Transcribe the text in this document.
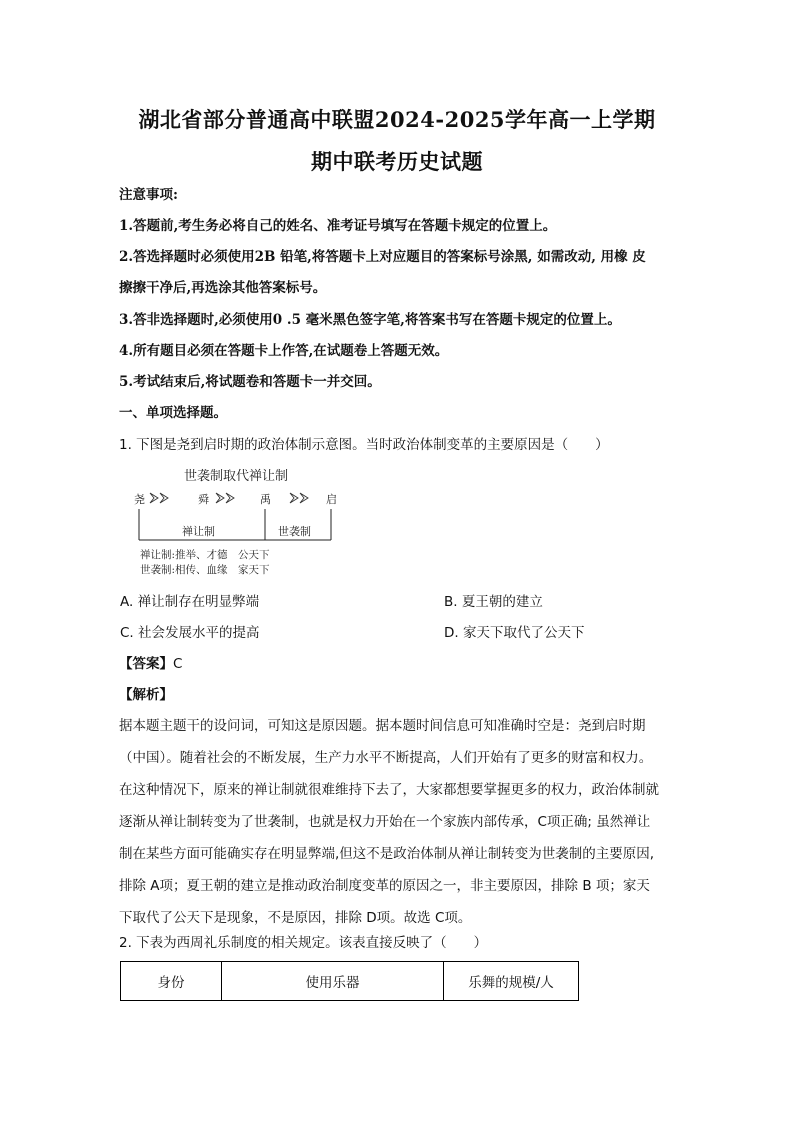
湖北省部分普通高中联盟2024-2025学年高一上学期
期中联考历史试题
注意事项:
1.答题前,考生务必将自己的姓名、准考证号填写在答题卡规定的位置上。
2.答选择题时必须使用2B 铅笔,将答题卡上对应题目的答案标号涂黑, 如需改动, 用橡 皮
擦擦干净后,再选涂其他答案标号。
3.答非选择题时,必须使用0 .5 毫米黑色签字笔,将答案书写在答题卡规定的位置上。
4.所有题目必须在答题卡上作答,在试题卷上答题无效。
5.考试结束后,将试题卷和答题卡一并交回。
一、单项选择题。
1. 下图是尧到启时期的政治体制示意图。当时政治体制变革的主要原因是（　　）
世袭制取代禅让制
尧	舜	禹	启
禅让制	世袭制
禅让制:推举、才德　公天下
世袭制:相传、血缘　家天下
A. 禅让制存在明显弊端	B. 夏王朝的建立
C. 社会发展水平的提高	D. 家天下取代了公天下
【答案】C
【解析】
据本题主题干的设问词，可知这是原因题。据本题时间信息可知准确时空是：尧到启时期
（中国）。随着社会的不断发展，生产力水平不断提高，人们开始有了更多的财富和权力。
在这种情况下，原来的禅让制就很难维持下去了，大家都想要掌握更多的权力，政治体制就
逐渐从禅让制转变为了世袭制，也就是权力开始在一个家族内部传承，C项正确; 虽然禅让
制在某些方面可能确实存在明显弊端,但这不是政治体制从禅让制转变为世袭制的主要原因,
排除 A项；夏王朝的建立是推动政治制度变革的原因之一，非主要原因，排除 B 项；家天
下取代了公天下是现象，不是原因，排除 D项。故选 C项。
2. 下表为西周礼乐制度的相关规定。该表直接反映了（　　）
身份	使用乐器	乐舞的规模/人
